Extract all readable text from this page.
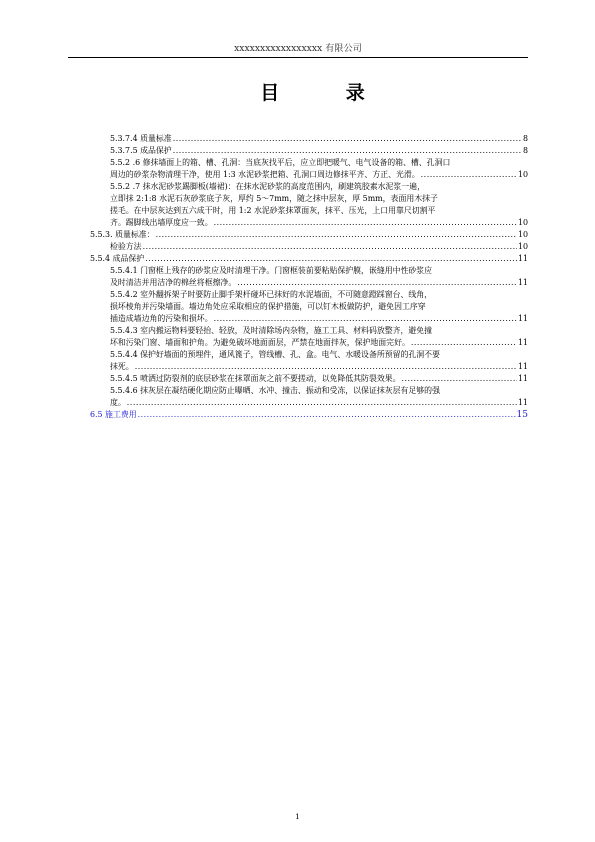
xxxxxxxxxxxxxxxxx 有限公司
目 录
5.3.7.4 质量标准 .....	8
5.3.7.5 成品保护 .....	8
5.5.2 .6 修抹墙面上的箱、槽、孔洞：当底灰找平后，应立即把暖气、电气设备的箱、槽、孔洞口
周边的砂浆杂物清理干净，使用 1:3 水泥砂浆把箱、孔洞口周边修抹平齐、方正、光滑。 .....	10
5.5.2 .7 抹水泥砂浆踢脚板(墙裙)：在抹水泥砂浆的高度范围内，刷建筑胶素水泥浆一遍，
立即抹 2:1:8 水泥石灰砂浆底子灰，厚约 5～7mm，随之抹中层灰，厚 5mm，表面用木抹子
搓毛。在中层灰达到五六成干时，用 1:2 水泥砂浆抹罩面灰，抹平、压光，上口用靠尺切割平
齐。踢脚线出墙厚度应一致。 .....	10
5.5.3. 质量标准： .....	10
检验方法 .....	10
5.5.4 成品保护 .....	11
5.5.4.1 门窗框上残存的砂浆应及时清理干净。门窗框装前要粘贴保护膜，嵌缝用中性砂浆应
及时清洁并用洁净的棉丝将框擦净。 .....	11
5.5.4.2 室外翻拆架子时要防止脚手架杆碰坏已抹好的水泥墙面，不可随意蹬踩窗台、线角，
损坏棱角并污染墙面。墙边角处应采取相应的保护措施，可以钉木板做防护，避免因工序穿
插造成墙边角的污染和损坏。 .....	11
5.5.4.3 室内搬运物料要轻抬、轻放，及时清除场内杂物，施工工具、材料码放整齐，避免撞
坏和污染门窗、墙面和护角。为避免破坏地面面层，严禁在地面拌灰，保护地面完好。 .....	11
5.5.4.4 保护好墙面的预埋件，通风篦子，管线槽、孔、盒。电气、水暖设备所预留的孔洞不要
抹死。 .....	11
5.5.4.5 喷洒过防裂剂的底层砂浆在抹罩面灰之前不要搓动，以免降低其防裂效果。 .....	11
5.5.4.6 抹灰层在凝结硬化期应防止曝晒、水冲、撞击、振动和受冻，以保证抹灰层有足够的强
度。 .....	11
6.5 施工费用 .....	15
1
